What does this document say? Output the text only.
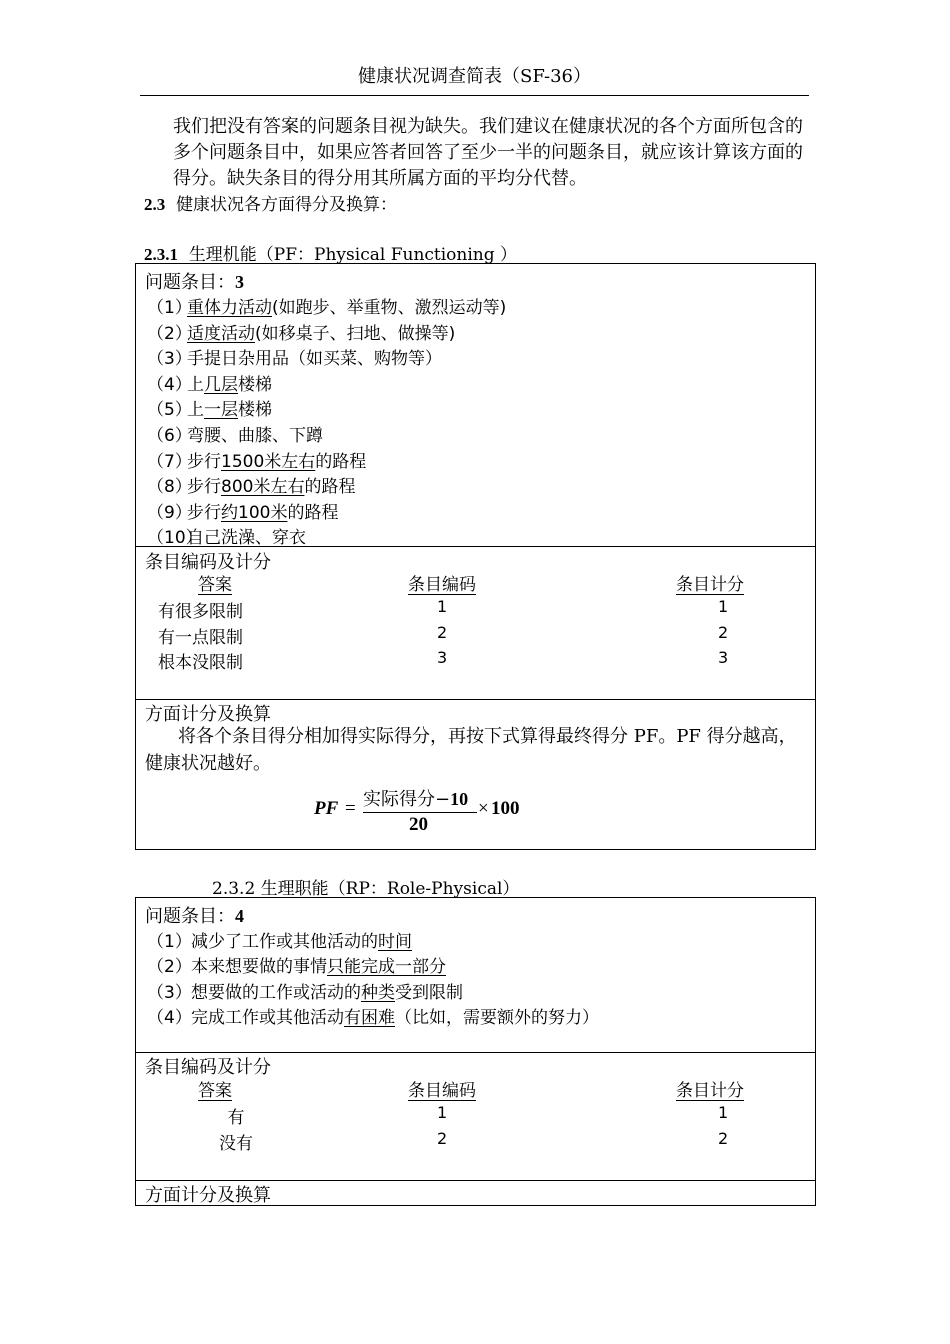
健康状况调查简表（SF-36）
我们把没有答案的问题条目视为缺失。我们建议在健康状况的各个方面所包含的多个问题条目中，如果应答者回答了至少一半的问题条目，就应该计算该方面的得分。缺失条目的得分用其所属方面的平均分代替。
2.3 健康状况各方面得分及换算：
2.3.1 生理机能（PF：Physical Functioning ）
问题条目：3
（1）重体力活动(如跑步、举重物、激烈运动等)
（2）适度活动(如移桌子、扫地、做操等)
（3）手提日杂用品（如买菜、购物等）
（4）上几层楼梯
（5）上一层楼梯
（6）弯腰、曲膝、下蹲
（7）步行1500米左右的路程
（8）步行800米左右的路程
（9）步行约100米的路程
（10）自己洗澡、穿衣
条目编码及计分
答案	条目编码	条目计分
有很多限制	1	1
有一点限制	2	2
根本没限制	3	3
方面计分及换算
将各个条目得分相加得实际得分，再按下式算得最终得分 PF。PF 得分越高，健康状况越好。
PF = 实际得分−10
20
× 100
2.3.2 生理职能（RP：Role-Physical）
问题条目：4
（1）减少了工作或其他活动的时间
（2）本来想要做的事情只能完成一部分
（3）想要做的工作或活动的种类受到限制
（4）完成工作或其他活动有困难（比如，需要额外的努力）
条目编码及计分
答案	条目编码	条目计分
有	1	1
没有	2	2
方面计分及换算
